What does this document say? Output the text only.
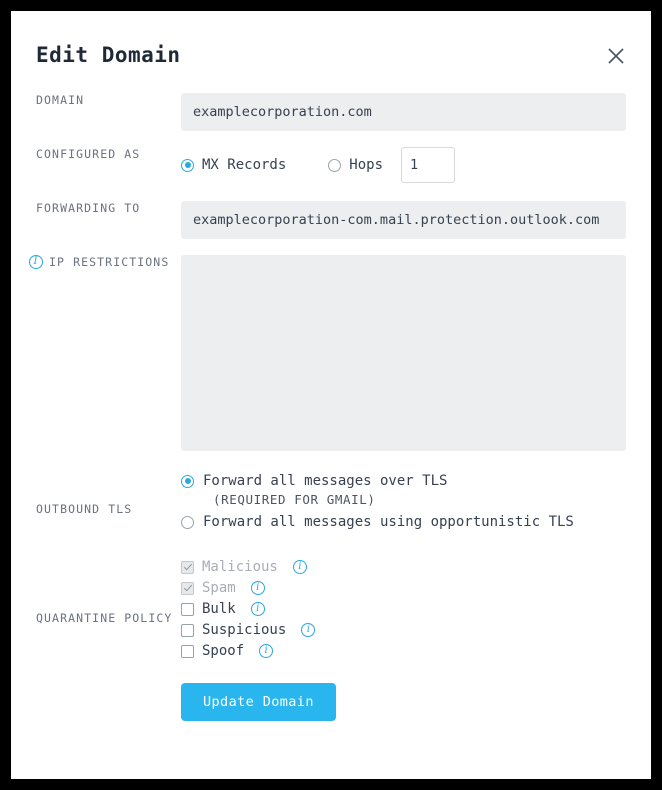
Edit Domain
DOMAIN
examplecorporation.com
CONFIGURED AS
MX Records	Hops
1
FORWARDING TO
examplecorporation-com.mail.protection.outlook.com
I IP RESTRICTIONS
OUTBOUND TLS
Forward all messages over TLS
(REQUIRED FOR GMAIL)
Forward all messages using opportunistic TLS
QUARANTINE POLICY
Malicious	i
Spam	i
Bulk	i
Suspicious	i
Spoof	i
Update Domain
